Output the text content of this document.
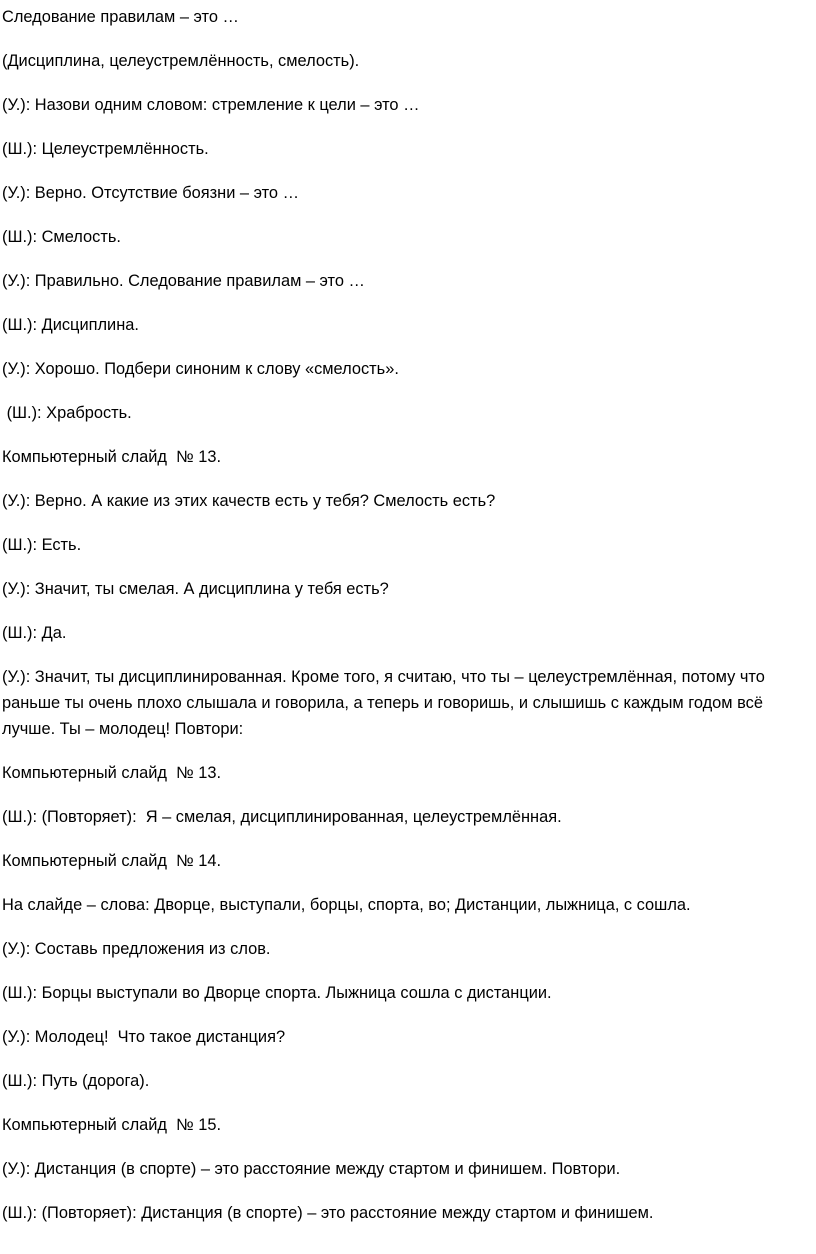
Следование правилам – это …

(Дисциплина, целеустремлённость, смелость).

(У.): Назови одним словом: стремление к цели – это …

(Ш.): Целеустремлённость.

(У.): Верно. Отсутствие боязни – это …

(Ш.): Смелость.

(У.): Правильно. Следование правилам – это …

(Ш.): Дисциплина.

(У.): Хорошо. Подбери синоним к слову «смелость».

(Ш.): Храбрость.

Компьютерный слайд  № 13.

(У.): Верно. А какие из этих качеств есть у тебя? Смелость есть?

(Ш.): Есть.

(У.): Значит, ты смелая. А дисциплина у тебя есть?

(Ш.): Да.

(У.): Значит, ты дисциплинированная. Кроме того, я считаю, что ты – целеустремлённая, потому что раньше ты очень плохо слышала и говорила, а теперь и говоришь, и слышишь с каждым годом всё лучше. Ты – молодец! Повтори:

Компьютерный слайд  № 13.

(Ш.): (Повторяет):  Я – смелая, дисциплинированная, целеустремлённая.

Компьютерный слайд  № 14.

На слайде – слова: Дворце, выступали, борцы, спорта, во; Дистанции, лыжница, с сошла.

(У.): Составь предложения из слов.

(Ш.): Борцы выступали во Дворце спорта. Лыжница сошла с дистанции.

(У.): Молодец!  Что такое дистанция?

(Ш.): Путь (дорога).

Компьютерный слайд  № 15.

(У.): Дистанция (в спорте) – это расстояние между стартом и финишем. Повтори.

(Ш.): (Повторяет): Дистанция (в спорте) – это расстояние между стартом и финишем.
